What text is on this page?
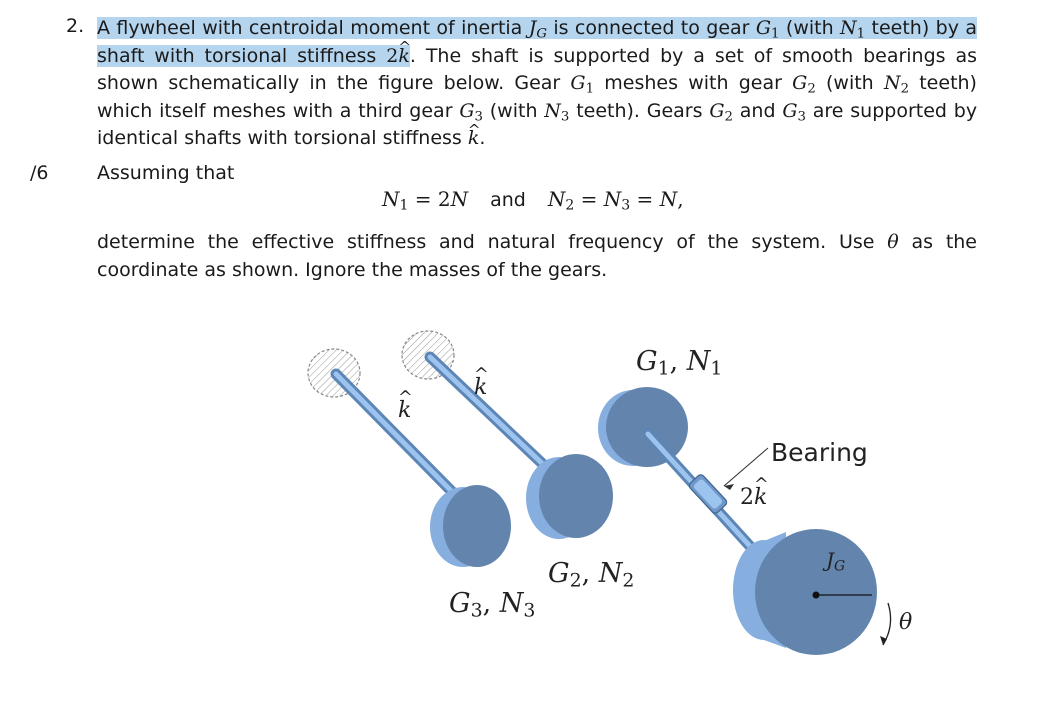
2. A flywheel with centroidal moment of inertia $J_G$ is connected to gear $G_1$ (with $N_1$ teeth) by a shaft with torsional stiffness 2^ k. The shaft is supported by a set of smooth bearings as shown schematically in the figure below. Gear $G_1$ meshes with gear $G_2$ (with $N_2$ teeth) which itself meshes with a third gear $G_3$ (with $N_3$ teeth). Gears $G_2$ and $G_3$ are supported by identical shafts with torsional stiffness ^ k.
/6	Assuming that
$N_1 = 2N$ and $N_2 = N_3 = N$,
determine the effective stiffness and natural frequency of the system. Use θ as the coordinate as shown. Ignore the masses of the gears.
^ k
^ k
$G_1$, $N_1$
$G_2$, $N_2$
$G_3$, $N_3$
Bearing
2^ k
$J_G$
θ
